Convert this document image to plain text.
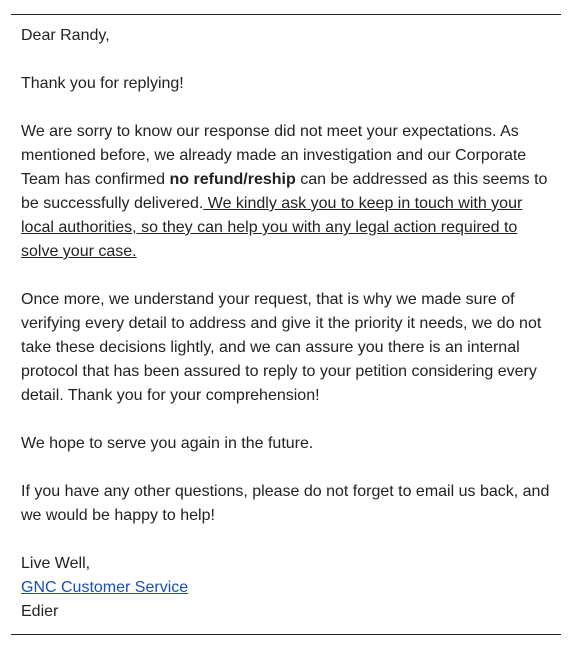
Dear Randy,

Thank you for replying!

We are sorry to know our response did not meet your expectations. As mentioned before, we already made an investigation and our Corporate Team has confirmed no refund/reship can be addressed as this seems to be successfully delivered. We kindly ask you to keep in touch with your local authorities, so they can help you with any legal action required to solve your case.

Once more, we understand your request, that is why we made sure of verifying every detail to address and give it the priority it needs, we do not take these decisions lightly, and we can assure you there is an internal protocol that has been assured to reply to your petition considering every detail. Thank you for your comprehension!

We hope to serve you again in the future.

If you have any other questions, please do not forget to email us back, and we would be happy to help!

Live Well,
GNC Customer Service
Edier
